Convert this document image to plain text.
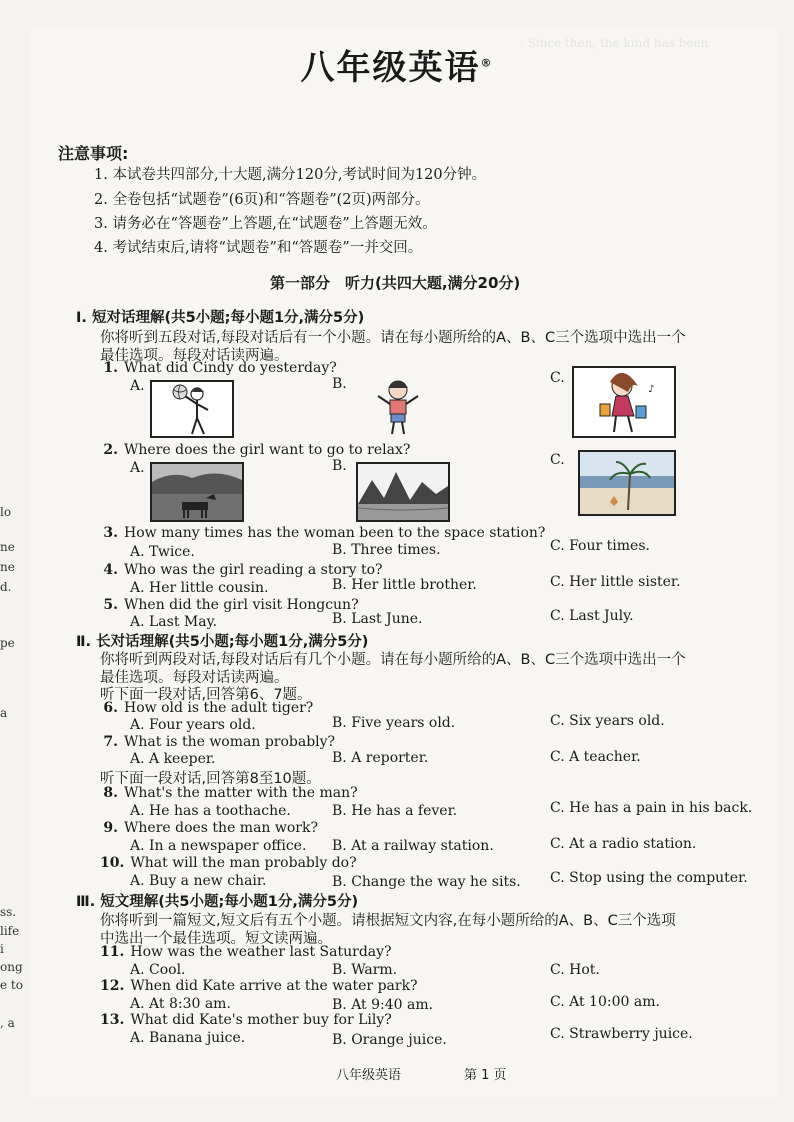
. Since then, the kind has been
八年级英语®
注意事项:
1. 本试卷共四部分,十大题,满分120分,考试时间为120分钟。
2. 全卷包括“试题卷”(6页)和“答题卷”(2页)两部分。
3. 请务必在“答题卷”上答题,在“试题卷”上答题无效。
4. 考试结束后,请将“试题卷”和“答题卷”一并交回。
第一部分　听力(共四大题,满分20分)
Ⅰ. 短对话理解(共5小题;每小题1分,满分5分)
你将听到五段对话,每段对话后有一个小题。请在每小题所给的A、B、C三个选项中选出一个
最佳选项。每段对话读两遍。
1. What did Cindy do yesterday?
A.	B.	C.
♪
2. Where does the girl want to go to relax?
A.	B.	C.
3. How many times has the woman been to the space station?
A. Twice.	B. Three times.	C. Four times.
4. Who was the girl reading a story to?
A. Her little cousin.	B. Her little brother.	C. Her little sister.
5. When did the girl visit Hongcun?
A. Last May.	B. Last June.	C. Last July.
Ⅱ. 长对话理解(共5小题;每小题1分,满分5分)
你将听到两段对话,每段对话后有几个小题。请在每小题所给的A、B、C三个选项中选出一个
最佳选项。每段对话读两遍。
听下面一段对话,回答第6、7题。
6. How old is the adult tiger?
A. Four years old.	B. Five years old.	C. Six years old.
7. What is the woman probably?
A. A keeper.	B. A reporter.	C. A teacher.
听下面一段对话,回答第8至10题。
8. What's the matter with the man?
A. He has a toothache.	B. He has a fever.	C. He has a pain in his back.
9. Where does the man work?
A. In a newspaper office. B. At a railway station.	C. At a radio station.
10. What will the man probably do?
A. Buy a new chair.	B. Change the way he sits. C. Stop using the computer.
Ⅲ. 短文理解(共5小题;每小题1分,满分5分)
你将听到一篇短文,短文后有五个小题。请根据短文内容,在每小题所给的A、B、C三个选项
中选出一个最佳选项。短文读两遍。
11. How was the weather last Saturday?
A. Cool.	B. Warm.	C. Hot.
12. When did Kate arrive at the water park?
A. At 8:30 am.	B. At 9:40 am.	C. At 10:00 am.
13. What did Kate's mother buy for Lily?
A. Banana juice.	B. Orange juice.	C. Strawberry juice.
八年级英语	第 1 页
lo
ne
ne
d.
pe
a
ss.
life
i
ong
e to
, a
